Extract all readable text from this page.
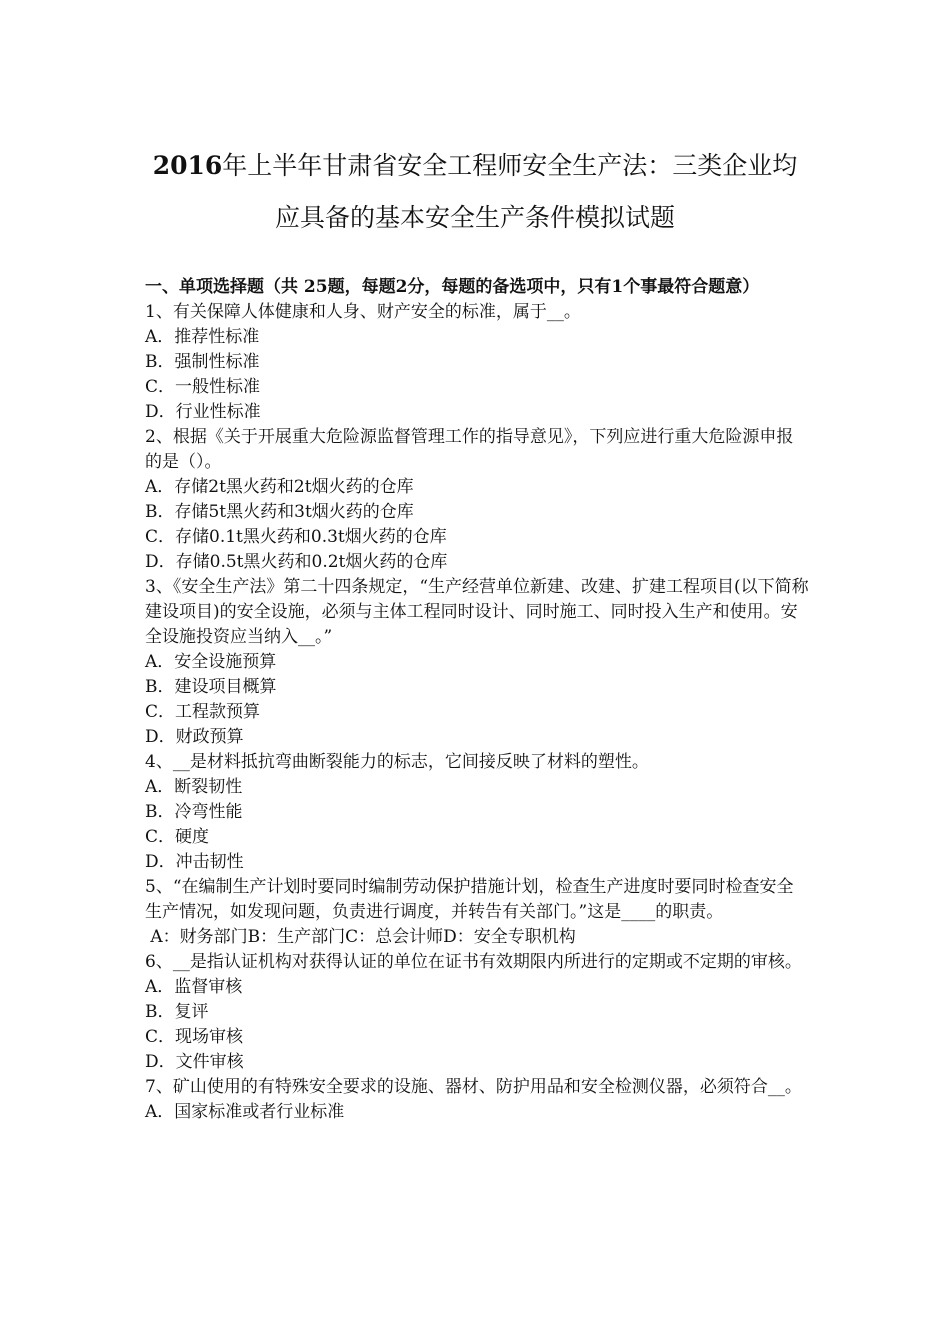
2016年上半年甘肃省安全工程师安全生产法：三类企业均
应具备的基本安全生产条件模拟试题

一、单项选择题（共 25题，每题2分，每题的备选项中，只有1个事最符合题意）

1、有关保障人体健康和人身、财产安全的标准，属于__。

A．推荐性标准
B．强制性标准
C．一般性标准
D．行业性标准

2、根据《关于开展重大危险源监督管理工作的指导意见》，下列应进行重大危险源申报的是（）。

A．存储2t黑火药和2t烟火药的仓库
B．存储5t黑火药和3t烟火药的仓库
C．存储0.1t黑火药和0.3t烟火药的仓库
D．存储0.5t黑火药和0.2t烟火药的仓库

3、《安全生产法》第二十四条规定，“生产经营单位新建、改建、扩建工程项目(以下简称建设项目)的安全设施，必须与主体工程同时设计、同时施工、同时投入生产和使用。安全设施投资应当纳入__。”

A．安全设施预算
B．建设项目概算
C．工程款预算
D．财政预算

4、__是材料抵抗弯曲断裂能力的标志，它间接反映了材料的塑性。

A．断裂韧性
B．冷弯性能
C．硬度
D．冲击韧性

5、“在编制生产计划时要同时编制劳动保护措施计划，检查生产进度时要同时检查安全  生产情况，如发现问题，负责进行调度，并转告有关部门。”这是____的职责。

A：财务部门B：生产部门C：总会计师D：安全专职机构

6、__是指认证机构对获得认证的单位在证书有效期限内所进行的定期或不定期的审核。

A．监督审核
B．复评
C．现场审核
D．文件审核

7、矿山使用的有特殊安全要求的设施、器材、防护用品和安全检测仪器，必须符合__。

A．国家标准或者行业标准
